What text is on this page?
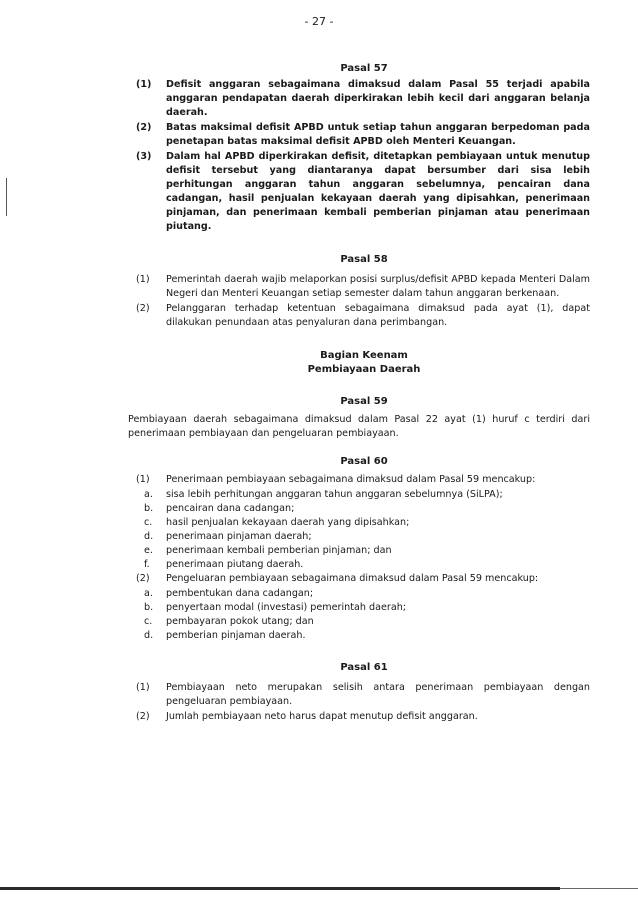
- 27 -
Pasal 57
(1) Defisit anggaran sebagaimana dimaksud dalam Pasal 55 terjadi apabila anggaran pendapatan daerah diperkirakan lebih kecil dari anggaran belanja daerah.
(2) Batas maksimal defisit APBD untuk setiap tahun anggaran berpedoman pada penetapan batas maksimal defisit APBD oleh Menteri Keuangan.
(3) Dalam hal APBD diperkirakan defisit, ditetapkan pembiayaan untuk menutup defisit tersebut yang diantaranya dapat bersumber dari sisa lebih perhitungan anggaran tahun anggaran sebelumnya, pencairan dana cadangan, hasil penjualan kekayaan daerah yang dipisahkan, penerimaan pinjaman, dan penerimaan kembali pemberian pinjaman atau penerimaan piutang.
Pasal 58
(1) Pemerintah daerah wajib melaporkan posisi surplus/defisit APBD kepada Menteri Dalam Negeri dan Menteri Keuangan setiap semester dalam tahun anggaran berkenaan.
(2) Pelanggaran terhadap ketentuan sebagaimana dimaksud pada ayat (1), dapat dilakukan penundaan atas penyaluran dana perimbangan.
Bagian Keenam
Pembiayaan Daerah
Pasal 59
Pembiayaan daerah sebagaimana dimaksud dalam Pasal 22 ayat (1) huruf c terdiri dari penerimaan pembiayaan dan pengeluaran pembiayaan.
Pasal 60
(1) Penerimaan pembiayaan sebagaimana dimaksud dalam Pasal 59 mencakup:
a. sisa lebih perhitungan anggaran tahun anggaran sebelumnya (SiLPA);
b. pencairan dana cadangan;
c. hasil penjualan kekayaan daerah yang dipisahkan;
d. penerimaan pinjaman daerah;
e. penerimaan kembali pemberian pinjaman; dan
f. penerimaan piutang daerah.
(2) Pengeluaran pembiayaan sebagaimana dimaksud dalam Pasal 59 mencakup:
a. pembentukan dana cadangan;
b. penyertaan modal (investasi) pemerintah daerah;
c. pembayaran pokok utang; dan
d. pemberian pinjaman daerah.
Pasal 61
(1) Pembiayaan neto merupakan selisih antara penerimaan pembiayaan dengan pengeluaran pembiayaan.
(2) Jumlah pembiayaan neto harus dapat menutup defisit anggaran.
